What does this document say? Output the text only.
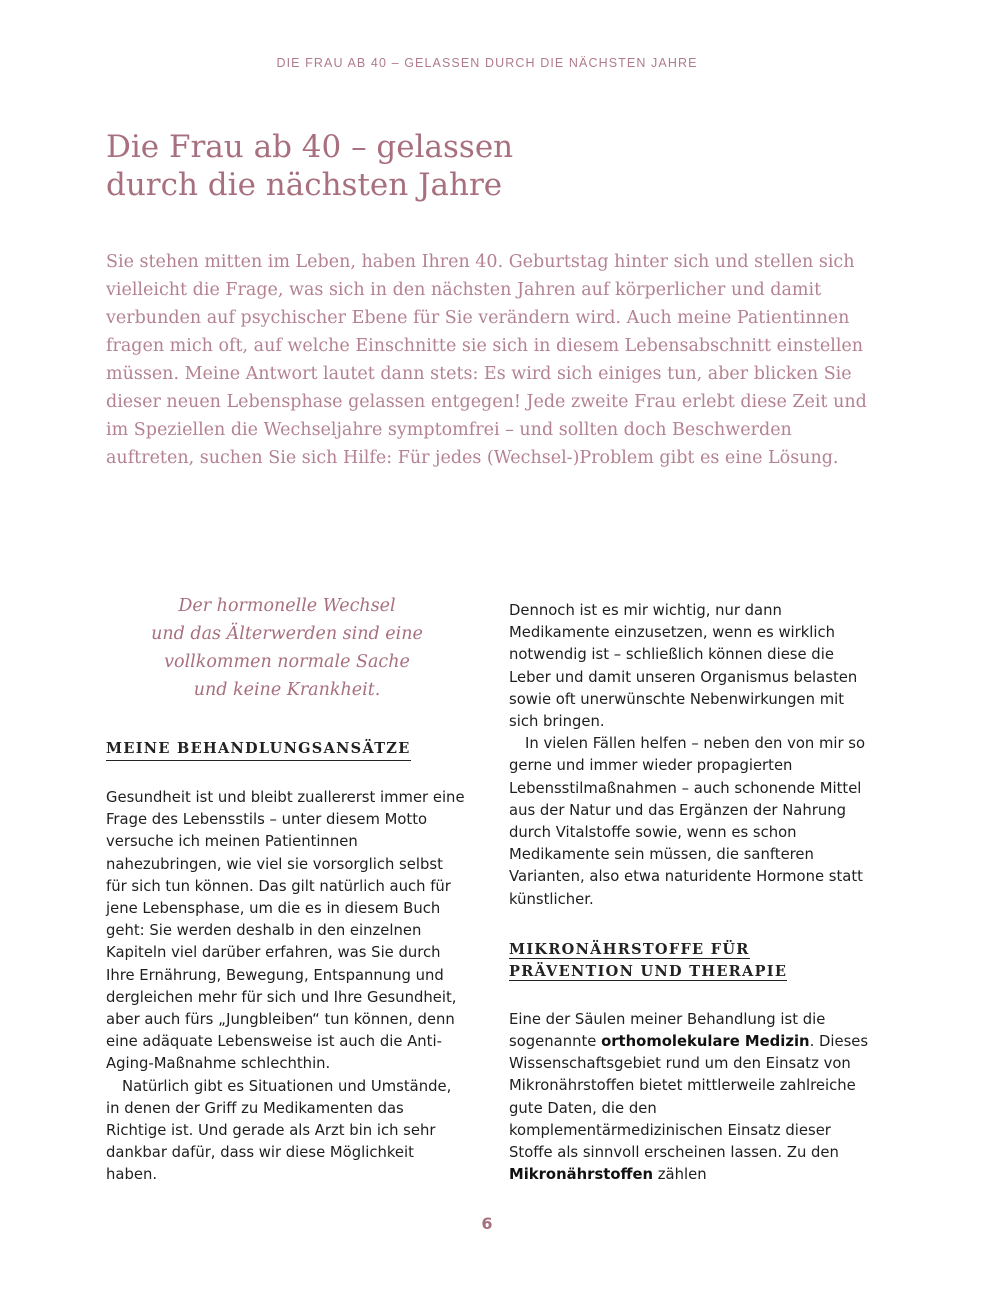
DIE FRAU AB 40 – GELASSEN DURCH DIE NÄCHSTEN JAHRE
Die Frau ab 40 – gelassen
durch die nächsten Jahre

Sie stehen mitten im Leben, haben Ihren 40. Geburtstag hinter sich und stellen sich vielleicht die Frage, was sich in den nächsten Jahren auf körperlicher und damit verbunden auf psychischer Ebene für Sie verändern wird. Auch meine Patientinnen fragen mich oft, auf welche Einschnitte sie sich in diesem Lebensabschnitt einstellen müssen. Meine Antwort lautet dann stets: Es wird sich einiges tun, aber blicken Sie dieser neuen Lebensphase gelassen entgegen! Jede zweite Frau erlebt diese Zeit und im Speziellen die Wechseljahre symptomfrei – und sollten doch Beschwerden auftreten, suchen Sie sich Hilfe: Für jedes (Wechsel-)Problem gibt es eine Lösung.

Der hormonelle Wechsel
und das Älterwerden sind eine
vollkommen normale Sache
und keine Krankheit.

MEINE BEHANDLUNGSANSÄTZE

Gesundheit ist und bleibt zuallererst immer eine Frage des Lebensstils – unter diesem Motto versuche ich meinen Patientinnen nahezubringen, wie viel sie vorsorglich selbst für sich tun können. Das gilt natürlich auch für jene Lebensphase, um die es in diesem Buch geht: Sie werden deshalb in den einzelnen Kapiteln viel darüber erfahren, was Sie durch Ihre Ernährung, Bewegung, Entspannung und dergleichen mehr für sich und Ihre Gesundheit, aber auch fürs „Jungbleiben“ tun können, denn eine adäquate Lebensweise ist auch die Anti-Aging-Maßnahme schlechthin.

Natürlich gibt es Situationen und Umstände, in denen der Griff zu Medikamenten das Richtige ist. Und gerade als Arzt bin ich sehr dankbar dafür, dass wir diese Möglichkeit haben.

Dennoch ist es mir wichtig, nur dann Medikamente einzusetzen, wenn es wirklich notwendig ist – schließlich können diese die Leber und damit unseren Organismus belasten sowie oft unerwünschte Nebenwirkungen mit sich bringen.

In vielen Fällen helfen – neben den von mir so gerne und immer wieder propagierten Lebensstilmaßnahmen – auch schonende Mittel aus der Natur und das Ergänzen der Nahrung durch Vitalstoffe sowie, wenn es schon Medikamente sein müssen, die sanfteren Varianten, also etwa naturidente Hormone statt künstlicher.

MIKRONÄHRSTOFFE FÜR
PRÄVENTION UND THERAPIE

Eine der Säulen meiner Behandlung ist die sogenannte orthomolekulare Medizin. Dieses Wissenschaftsgebiet rund um den Einsatz von Mikronährstoffen bietet mittlerweile zahlreiche gute Daten, die den komplementärmedizinischen Einsatz dieser Stoffe als sinnvoll erscheinen lassen. Zu den Mikronährstoffen zählen

6
